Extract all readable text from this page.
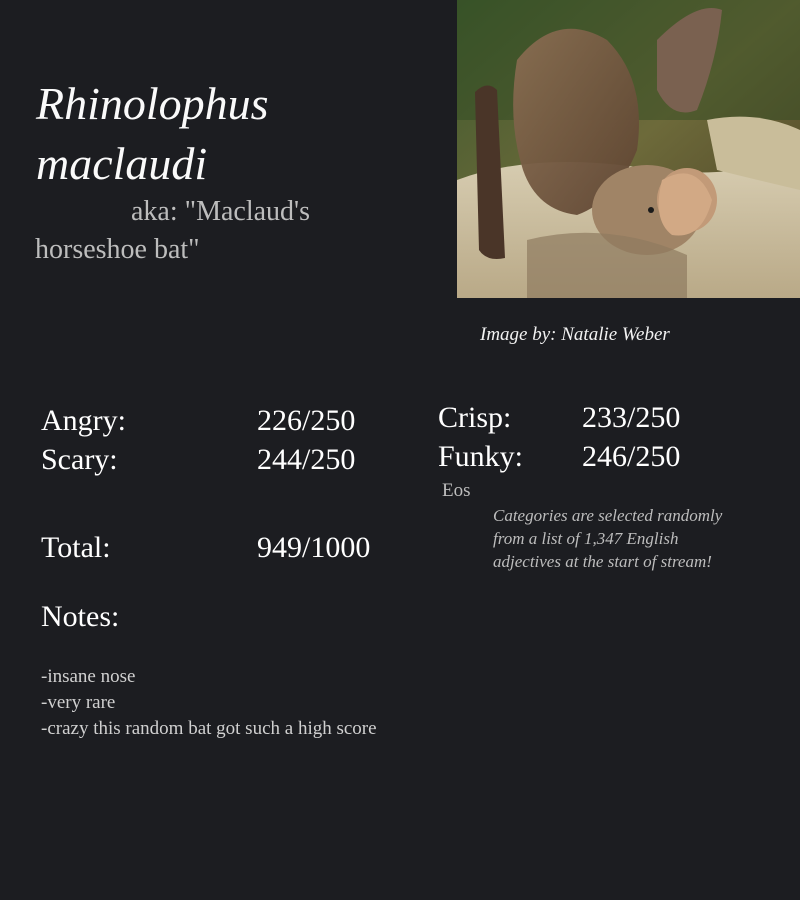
Rhinolophus
maclaudi
aka: "Maclaud's horseshoe bat"
Image by: Natalie Weber
Angry:	226/250
Scary:	244/250
Crisp: 233/250
Funky: 246/250
Eos
Total:	949/1000
Categories are selected randomly from a list of 1,347 English adjectives at the start of stream!
Notes:
-insane nose
-very rare
-crazy this random bat got such a high score
